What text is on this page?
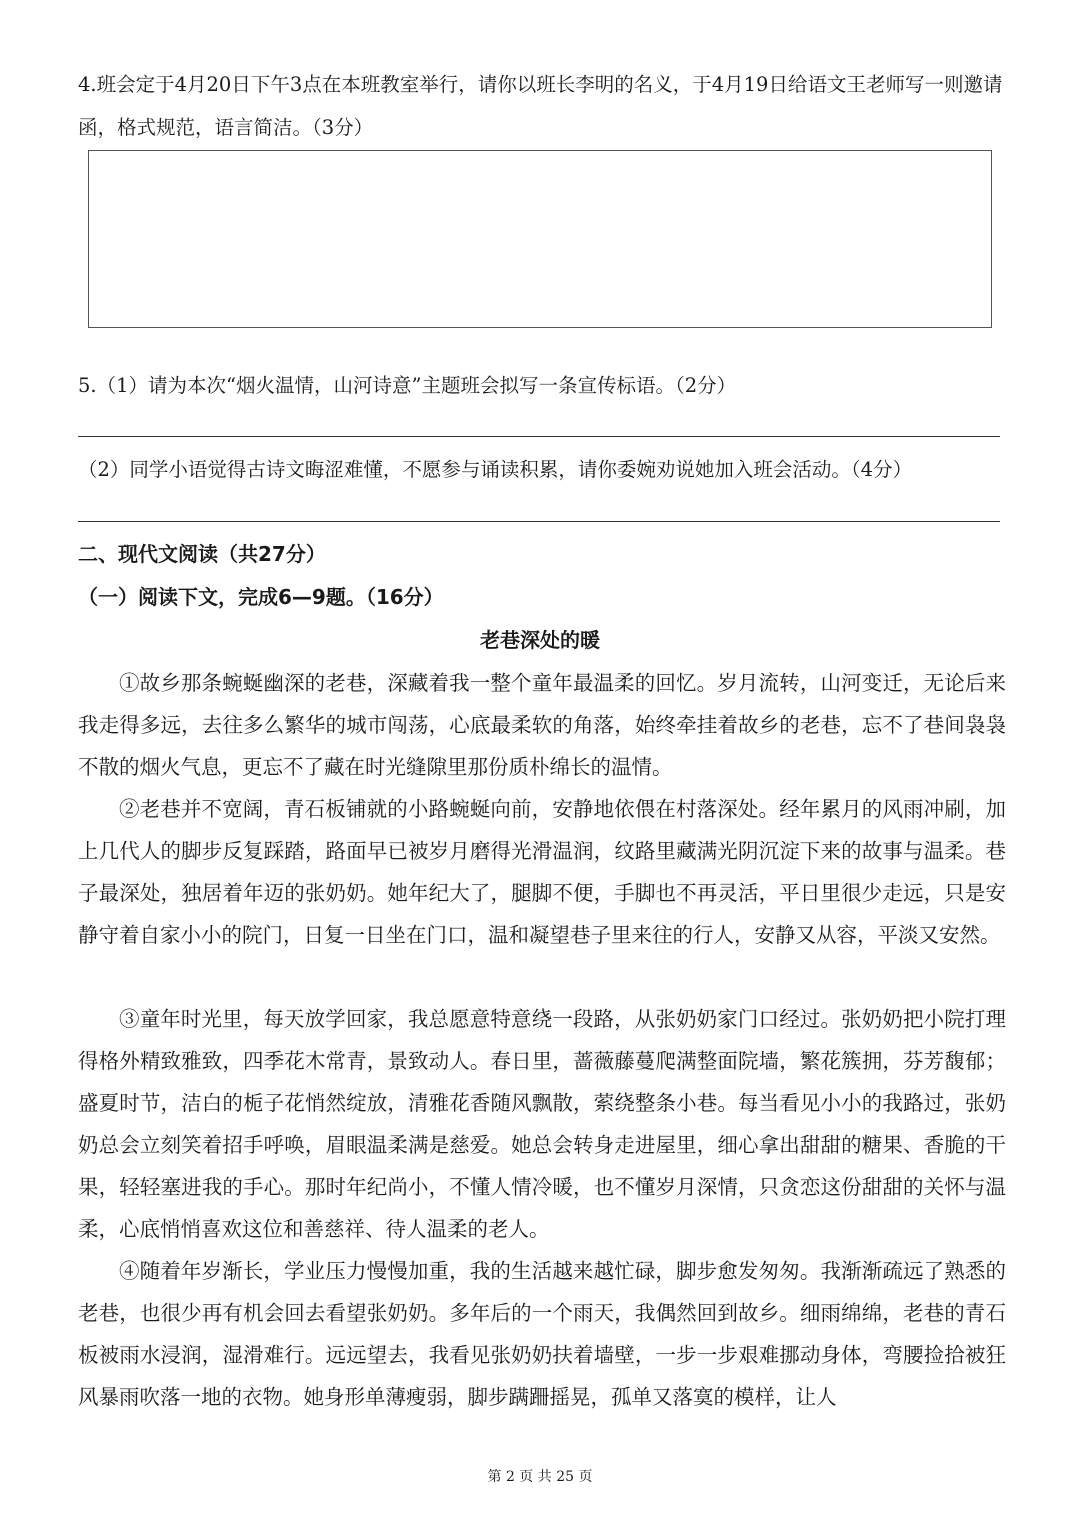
4.班会定于4月20日下午3点在本班教室举行，请你以班长李明的名义，于4月19日给语文王老师写一则邀请函，格式规范，语言简洁。（3分）
5.（1）请为本次“烟火温情，山河诗意”主题班会拟写一条宣传标语。（2分）
（2）同学小语觉得古诗文晦涩难懂，不愿参与诵读积累，请你委婉劝说她加入班会活动。（4分）
二、现代文阅读（共27分）
（一）阅读下文，完成6—9题。（16分）
老巷深处的暖

①故乡那条蜿蜒幽深的老巷，深藏着我一整个童年最温柔的回忆。岁月流转，山河变迁，无论后来我走得多远，去往多么繁华的城市闯荡，心底最柔软的角落，始终牵挂着故乡的老巷，忘不了巷间袅袅不散的烟火气息，更忘不了藏在时光缝隙里那份质朴绵长的温情。

②老巷并不宽阔，青石板铺就的小路蜿蜒向前，安静地依偎在村落深处。经年累月的风雨冲刷，加上几代人的脚步反复踩踏，路面早已被岁月磨得光滑温润，纹路里藏满光阴沉淀下来的故事与温柔。巷子最深处，独居着年迈的张奶奶。她年纪大了，腿脚不便，手脚也不再灵活，平日里很少走远，只是安静守着自家小小的院门，日复一日坐在门口，温和凝望巷子里来往的行人，安静又从容，平淡又安然。

③童年时光里，每天放学回家，我总愿意特意绕一段路，从张奶奶家门口经过。张奶奶把小院打理得格外精致雅致，四季花木常青，景致动人。春日里，蔷薇藤蔓爬满整面院墙，繁花簇拥，芬芳馥郁；盛夏时节，洁白的栀子花悄然绽放，清雅花香随风飘散，萦绕整条小巷。每当看见小小的我路过，张奶奶总会立刻笑着招手呼唤，眉眼温柔满是慈爱。她总会转身走进屋里，细心拿出甜甜的糖果、香脆的干果，轻轻塞进我的手心。那时年纪尚小，不懂人情冷暖，也不懂岁月深情，只贪恋这份甜甜的关怀与温柔，心底悄悄喜欢这位和善慈祥、待人温柔的老人。

④随着年岁渐长，学业压力慢慢加重，我的生活越来越忙碌，脚步愈发匆匆。我渐渐疏远了熟悉的老巷，也很少再有机会回去看望张奶奶。多年后的一个雨天，我偶然回到故乡。细雨绵绵，老巷的青石板被雨水浸润，湿滑难行。远远望去，我看见张奶奶扶着墙壁，一步一步艰难挪动身体，弯腰捡拾被狂风暴雨吹落一地的衣物。她身形单薄瘦弱，脚步蹒跚摇晃，孤单又落寞的模样，让人

第 2 页 共 25 页
